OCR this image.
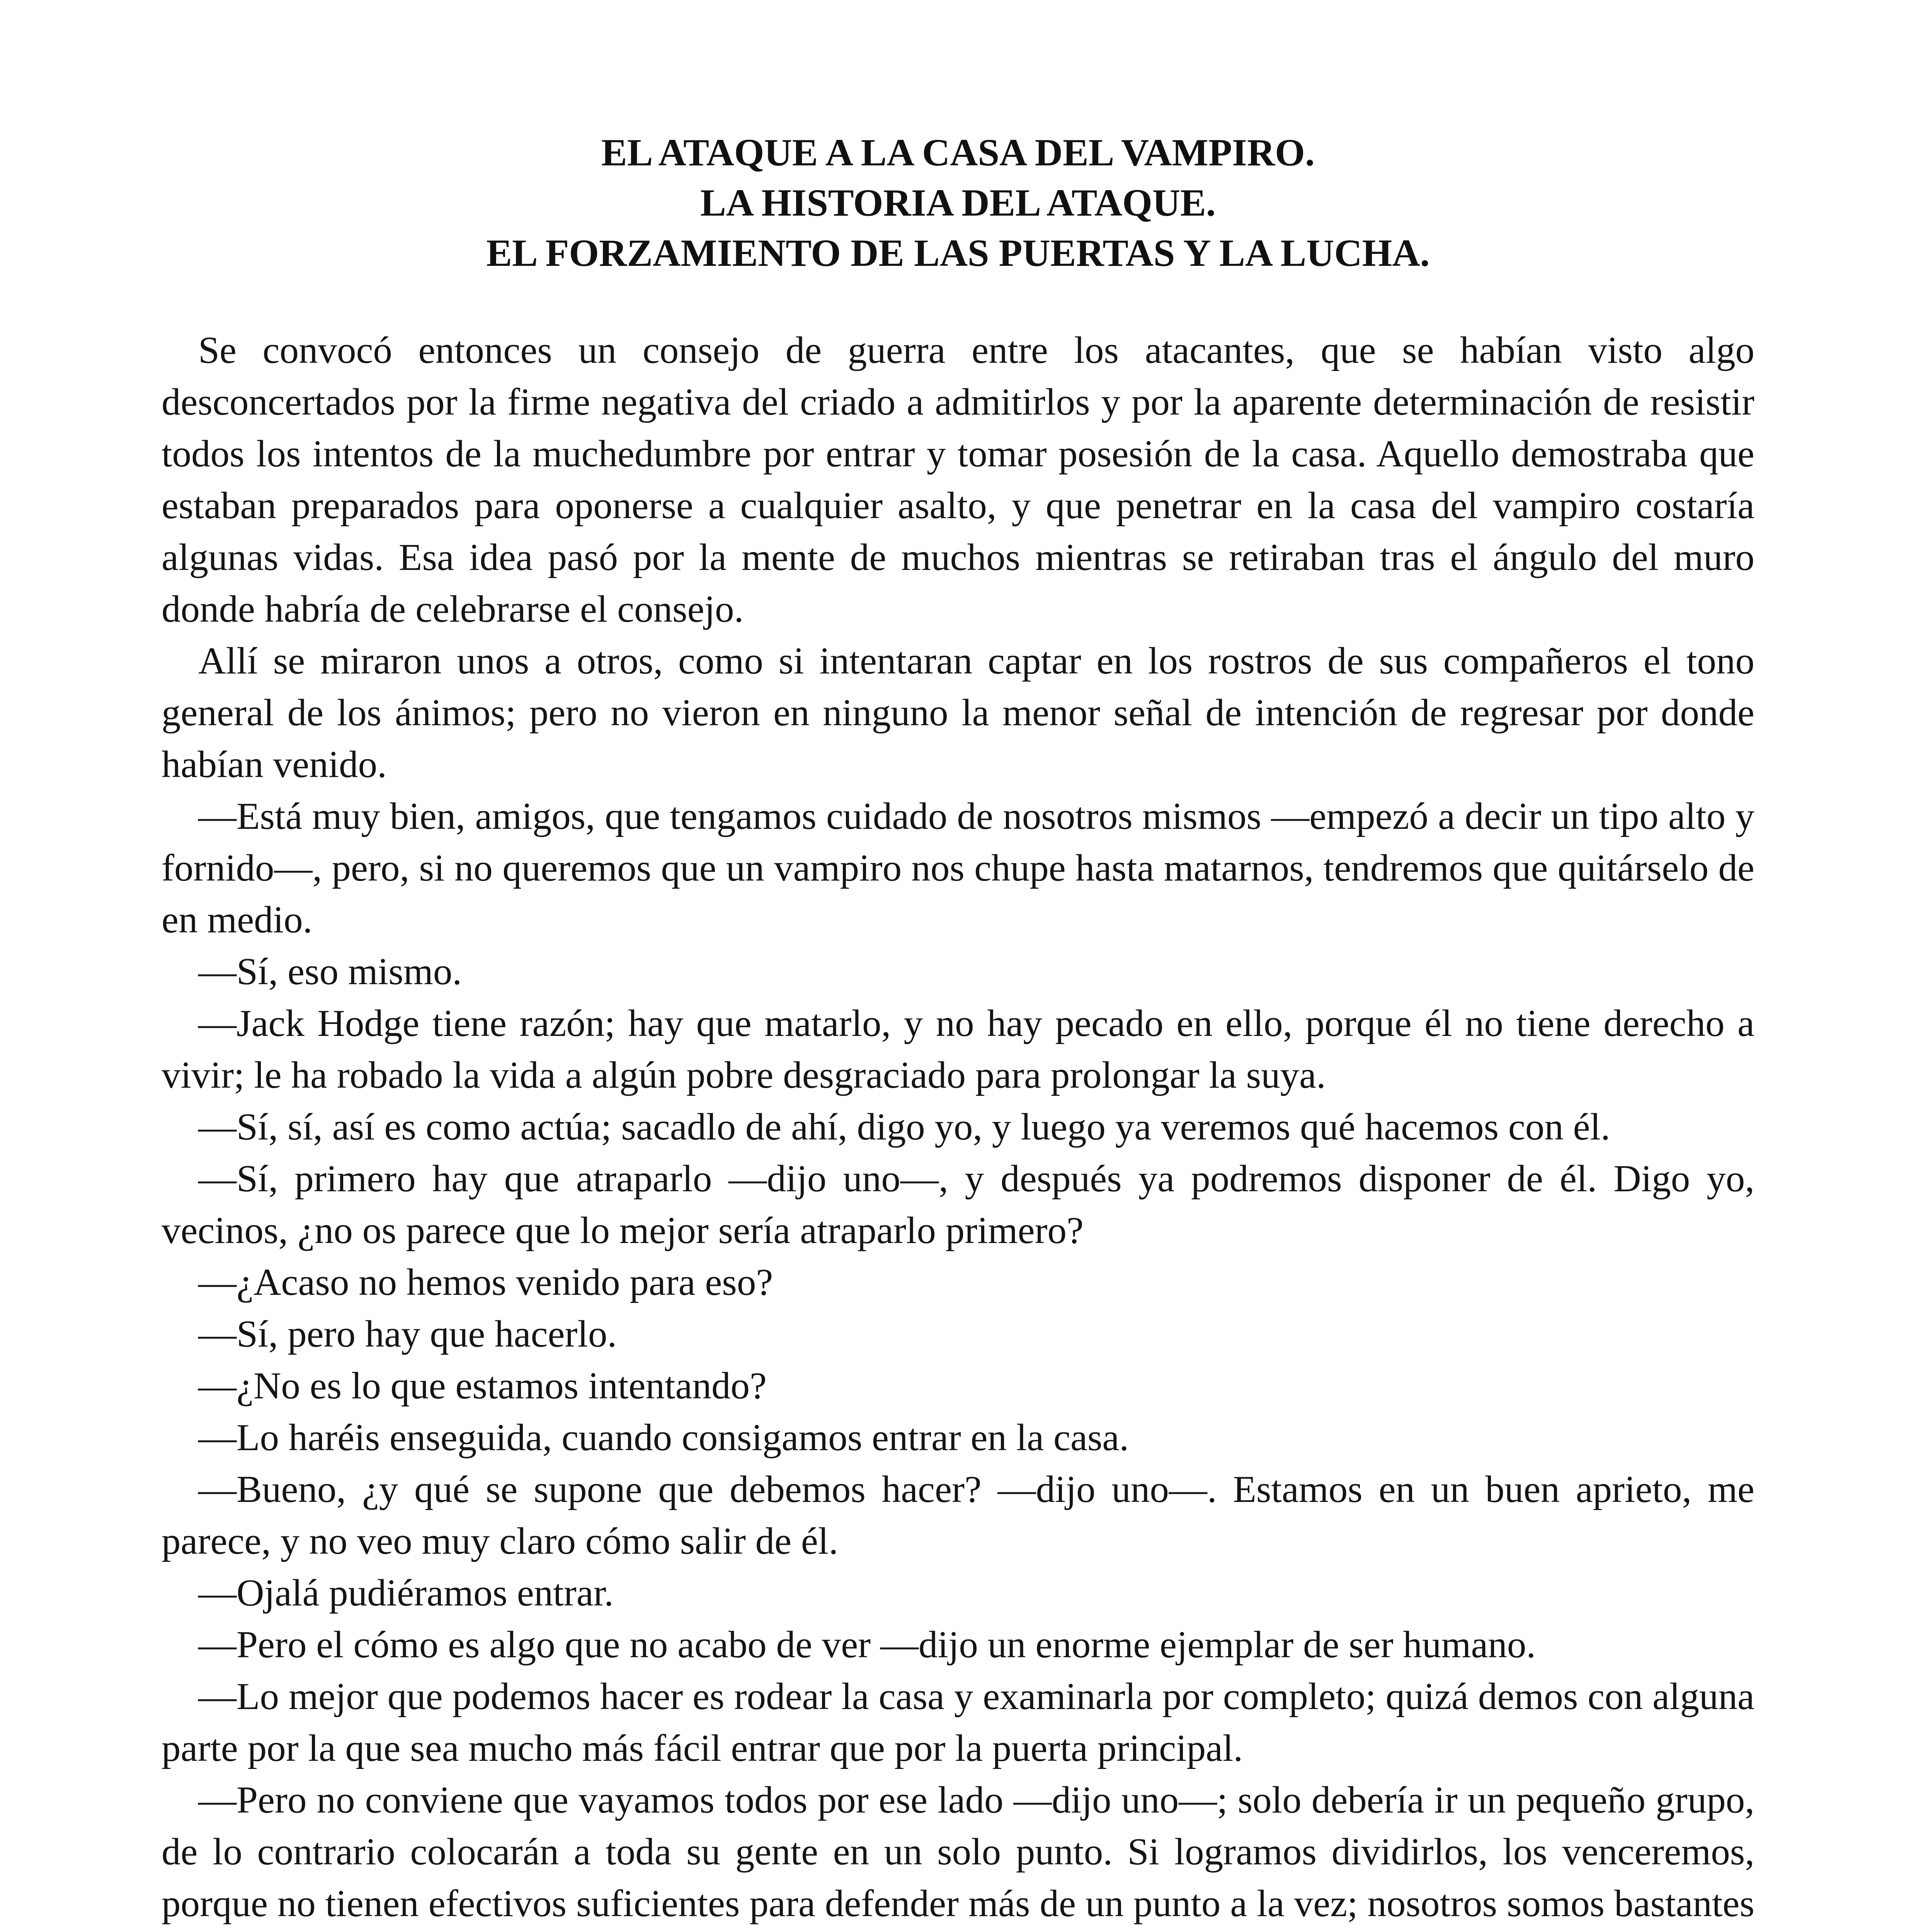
EL ATAQUE A LA CASA DEL VAMPIRO.
LA HISTORIA DEL ATAQUE.
EL FORZAMIENTO DE LAS PUERTAS Y LA LUCHA.

Se convocó entonces un consejo de guerra entre los atacantes, que se habían visto algo desconcertados por la firme negativa del criado a admitirlos y por la aparente determinación de resistir todos los intentos de la muchedumbre por entrar y tomar posesión de la casa. Aquello demostraba que estaban preparados para oponerse a cualquier asalto, y que penetrar en la casa del vampiro costaría algunas vidas. Esa idea pasó por la mente de muchos mientras se retiraban tras el ángulo del muro donde habría de celebrarse el consejo.

Allí se miraron unos a otros, como si intentaran captar en los rostros de sus compañeros el tono general de los ánimos; pero no vieron en ninguno la menor señal de intención de regresar por donde habían venido.

—Está muy bien, amigos, que tengamos cuidado de nosotros mismos —empezó a decir un tipo alto y fornido—, pero, si no queremos que un vampiro nos chupe hasta matarnos, tendremos que quitárselo de en medio.

—Sí, eso mismo.

—Jack Hodge tiene razón; hay que matarlo, y no hay pecado en ello, porque él no tiene derecho a vivir; le ha robado la vida a algún pobre desgraciado para prolongar la suya.

—Sí, sí, así es como actúa; sacadlo de ahí, digo yo, y luego ya veremos qué hacemos con él.

—Sí, primero hay que atraparlo —dijo uno—, y después ya podremos disponer de él. Digo yo, vecinos, ¿no os parece que lo mejor sería atraparlo primero?

—¿Acaso no hemos venido para eso?

—Sí, pero hay que hacerlo.

—¿No es lo que estamos intentando?

—Lo haréis enseguida, cuando consigamos entrar en la casa.

—Bueno, ¿y qué se supone que debemos hacer? —dijo uno—. Estamos en un buen aprieto, me parece, y no veo muy claro cómo salir de él.

—Ojalá pudiéramos entrar.

—Pero el cómo es algo que no acabo de ver —dijo un enorme ejemplar de ser humano.

—Lo mejor que podemos hacer es rodear la casa y examinarla por completo; quizá demos con alguna parte por la que sea mucho más fácil entrar que por la puerta principal.

—Pero no conviene que vayamos todos por ese lado —dijo uno—; solo debería ir un pequeño grupo, de lo contrario colocarán a toda su gente en un solo punto. Si logramos dividirlos, los venceremos, porque no tienen efectivos suficientes para defender más de un punto a la vez; nosotros somos bastantes
